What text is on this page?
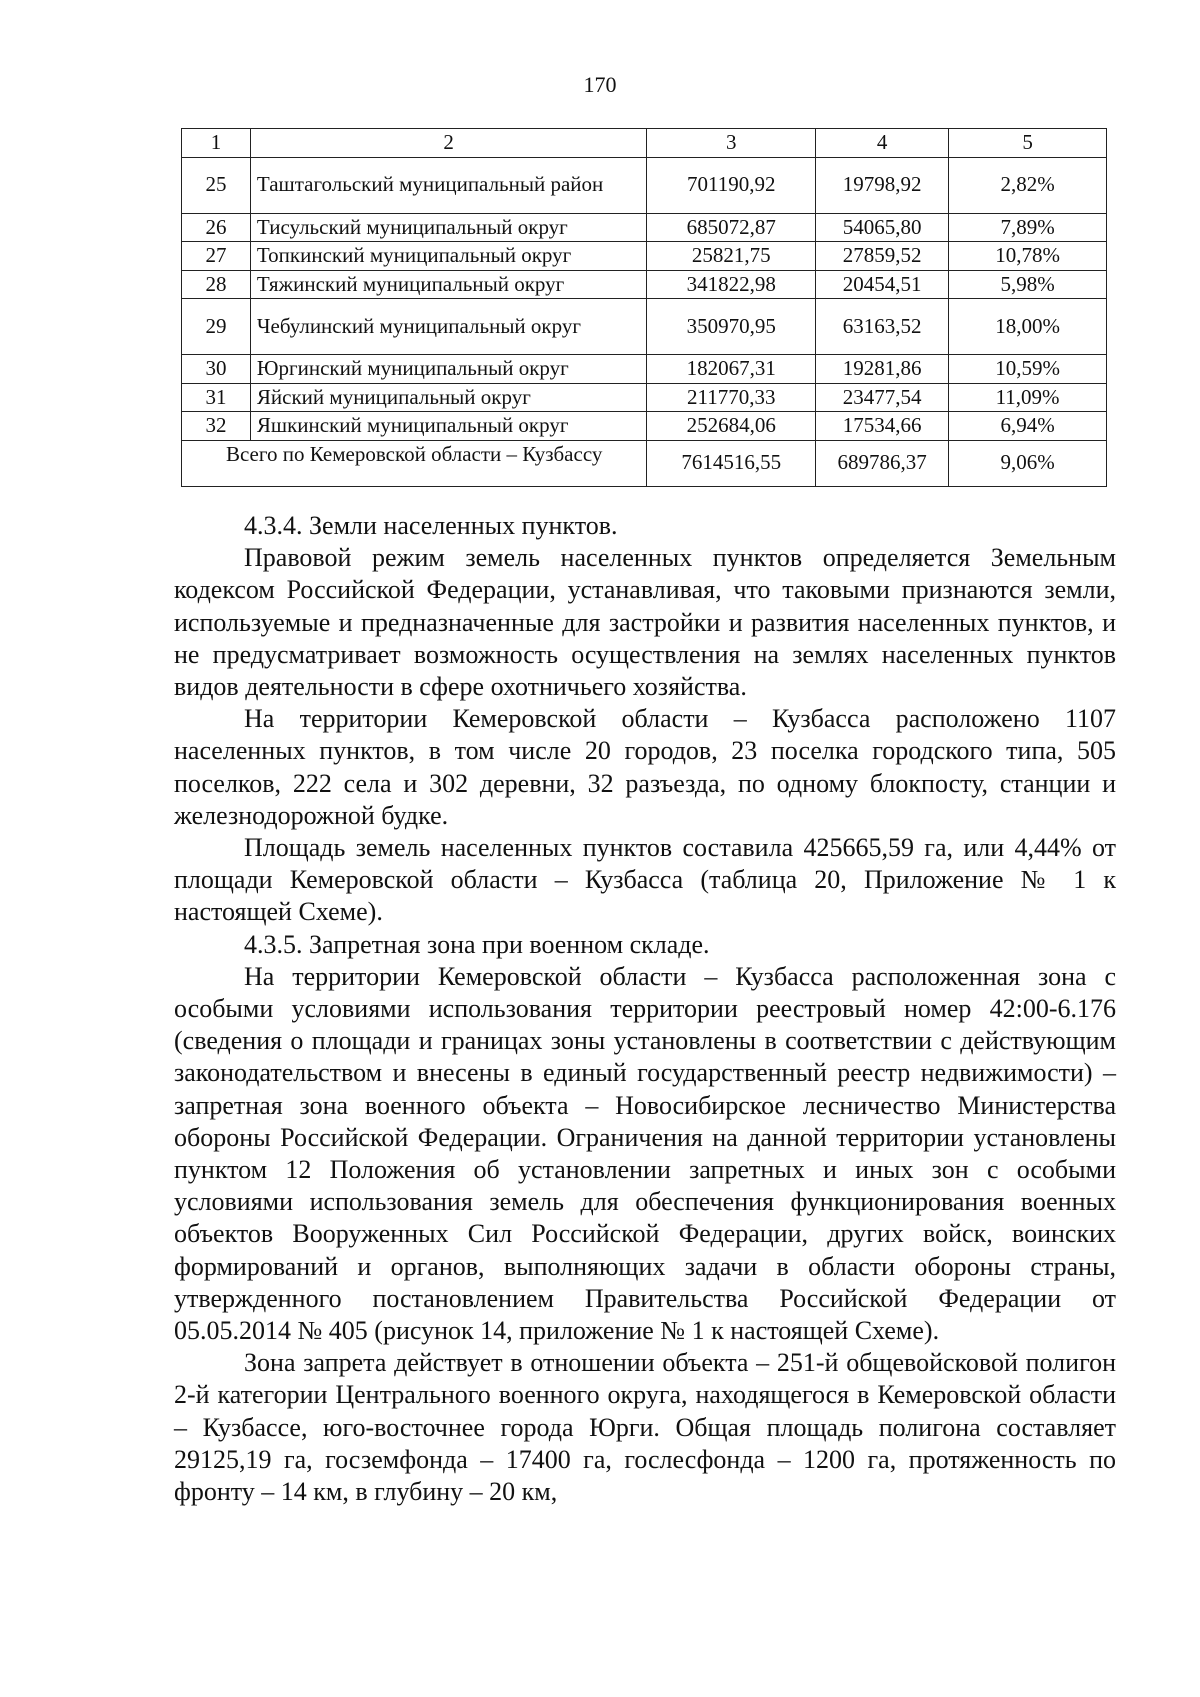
170
1	2	3	4	5
25	Таштагольский муниципальный район	701190,92	19798,92	2,82%
26	Тисульский муниципальный округ	685072,87	54065,80	7,89%
27	Топкинский муниципальный округ	25821,75	27859,52	10,78%
28	Тяжинский муниципальный округ	341822,98	20454,51	5,98%
29	Чебулинский муниципальный округ	350970,95	63163,52	18,00%
30	Юргинский муниципальный округ	182067,31	19281,86	10,59%
31	Яйский муниципальный округ	211770,33	23477,54	11,09%
32	Яшкинский муниципальный округ	252684,06	17534,66	6,94%
Всего по Кемеровской области – Кузбассу		7614516,55	689786,37	9,06%

4.3.4. Земли населенных пунктов.

Правовой режим земель населенных пунктов определяется Земельным кодексом Российской Федерации, устанавливая, что таковыми признаются земли, используемые и предназначенные для застройки и развития населенных пунктов, и не предусматривает возможность осуществления на землях населенных пунктов видов деятельности в сфере охотничьего хозяйства.

На территории Кемеровской области – Кузбасса расположено 1107 населенных пунктов, в том числе 20 городов, 23 поселка городского типа, 505 поселков, 222 села и 302 деревни, 32 разъезда, по одному блокпосту, станции и железнодорожной будке.

Площадь земель населенных пунктов составила 425665,59 га, или 4,44% от площади Кемеровской области – Кузбасса (таблица 20, Приложение № 1 к настоящей Схеме).

4.3.5. Запретная зона при военном складе.

На территории Кемеровской области – Кузбасса расположенная зона с особыми условиями использования территории реестровый номер 42:00-6.176 (сведения о площади и границах зоны установлены в соответствии с действующим законодательством и внесены в единый государственный реестр недвижимости) – запретная зона военного объекта – Новосибирское лесничество Министерства обороны Российской Федерации. Ограничения на данной территории установлены пунктом 12 Положения об установлении запретных и иных зон с особыми условиями использования земель для обеспечения функционирования военных объектов Вооруженных Сил Российской Федерации, других войск, воинских формирований и органов, выполняющих задачи в области обороны страны, утвержденного постановлением Правительства Российской Федерации от 05.05.2014 № 405 (рисунок 14, приложение № 1 к настоящей Схеме).

Зона запрета действует в отношении объекта – 251-й общевойсковой полигон 2-й категории Центрального военного округа, находящегося в Кемеровской области – Кузбассе, юго-восточнее города Юрги. Общая площадь полигона составляет 29125,19 га, госземфонда – 17400 га, гослесфонда – 1200 га, протяженность по фронту – 14 км, в глубину – 20 км,
